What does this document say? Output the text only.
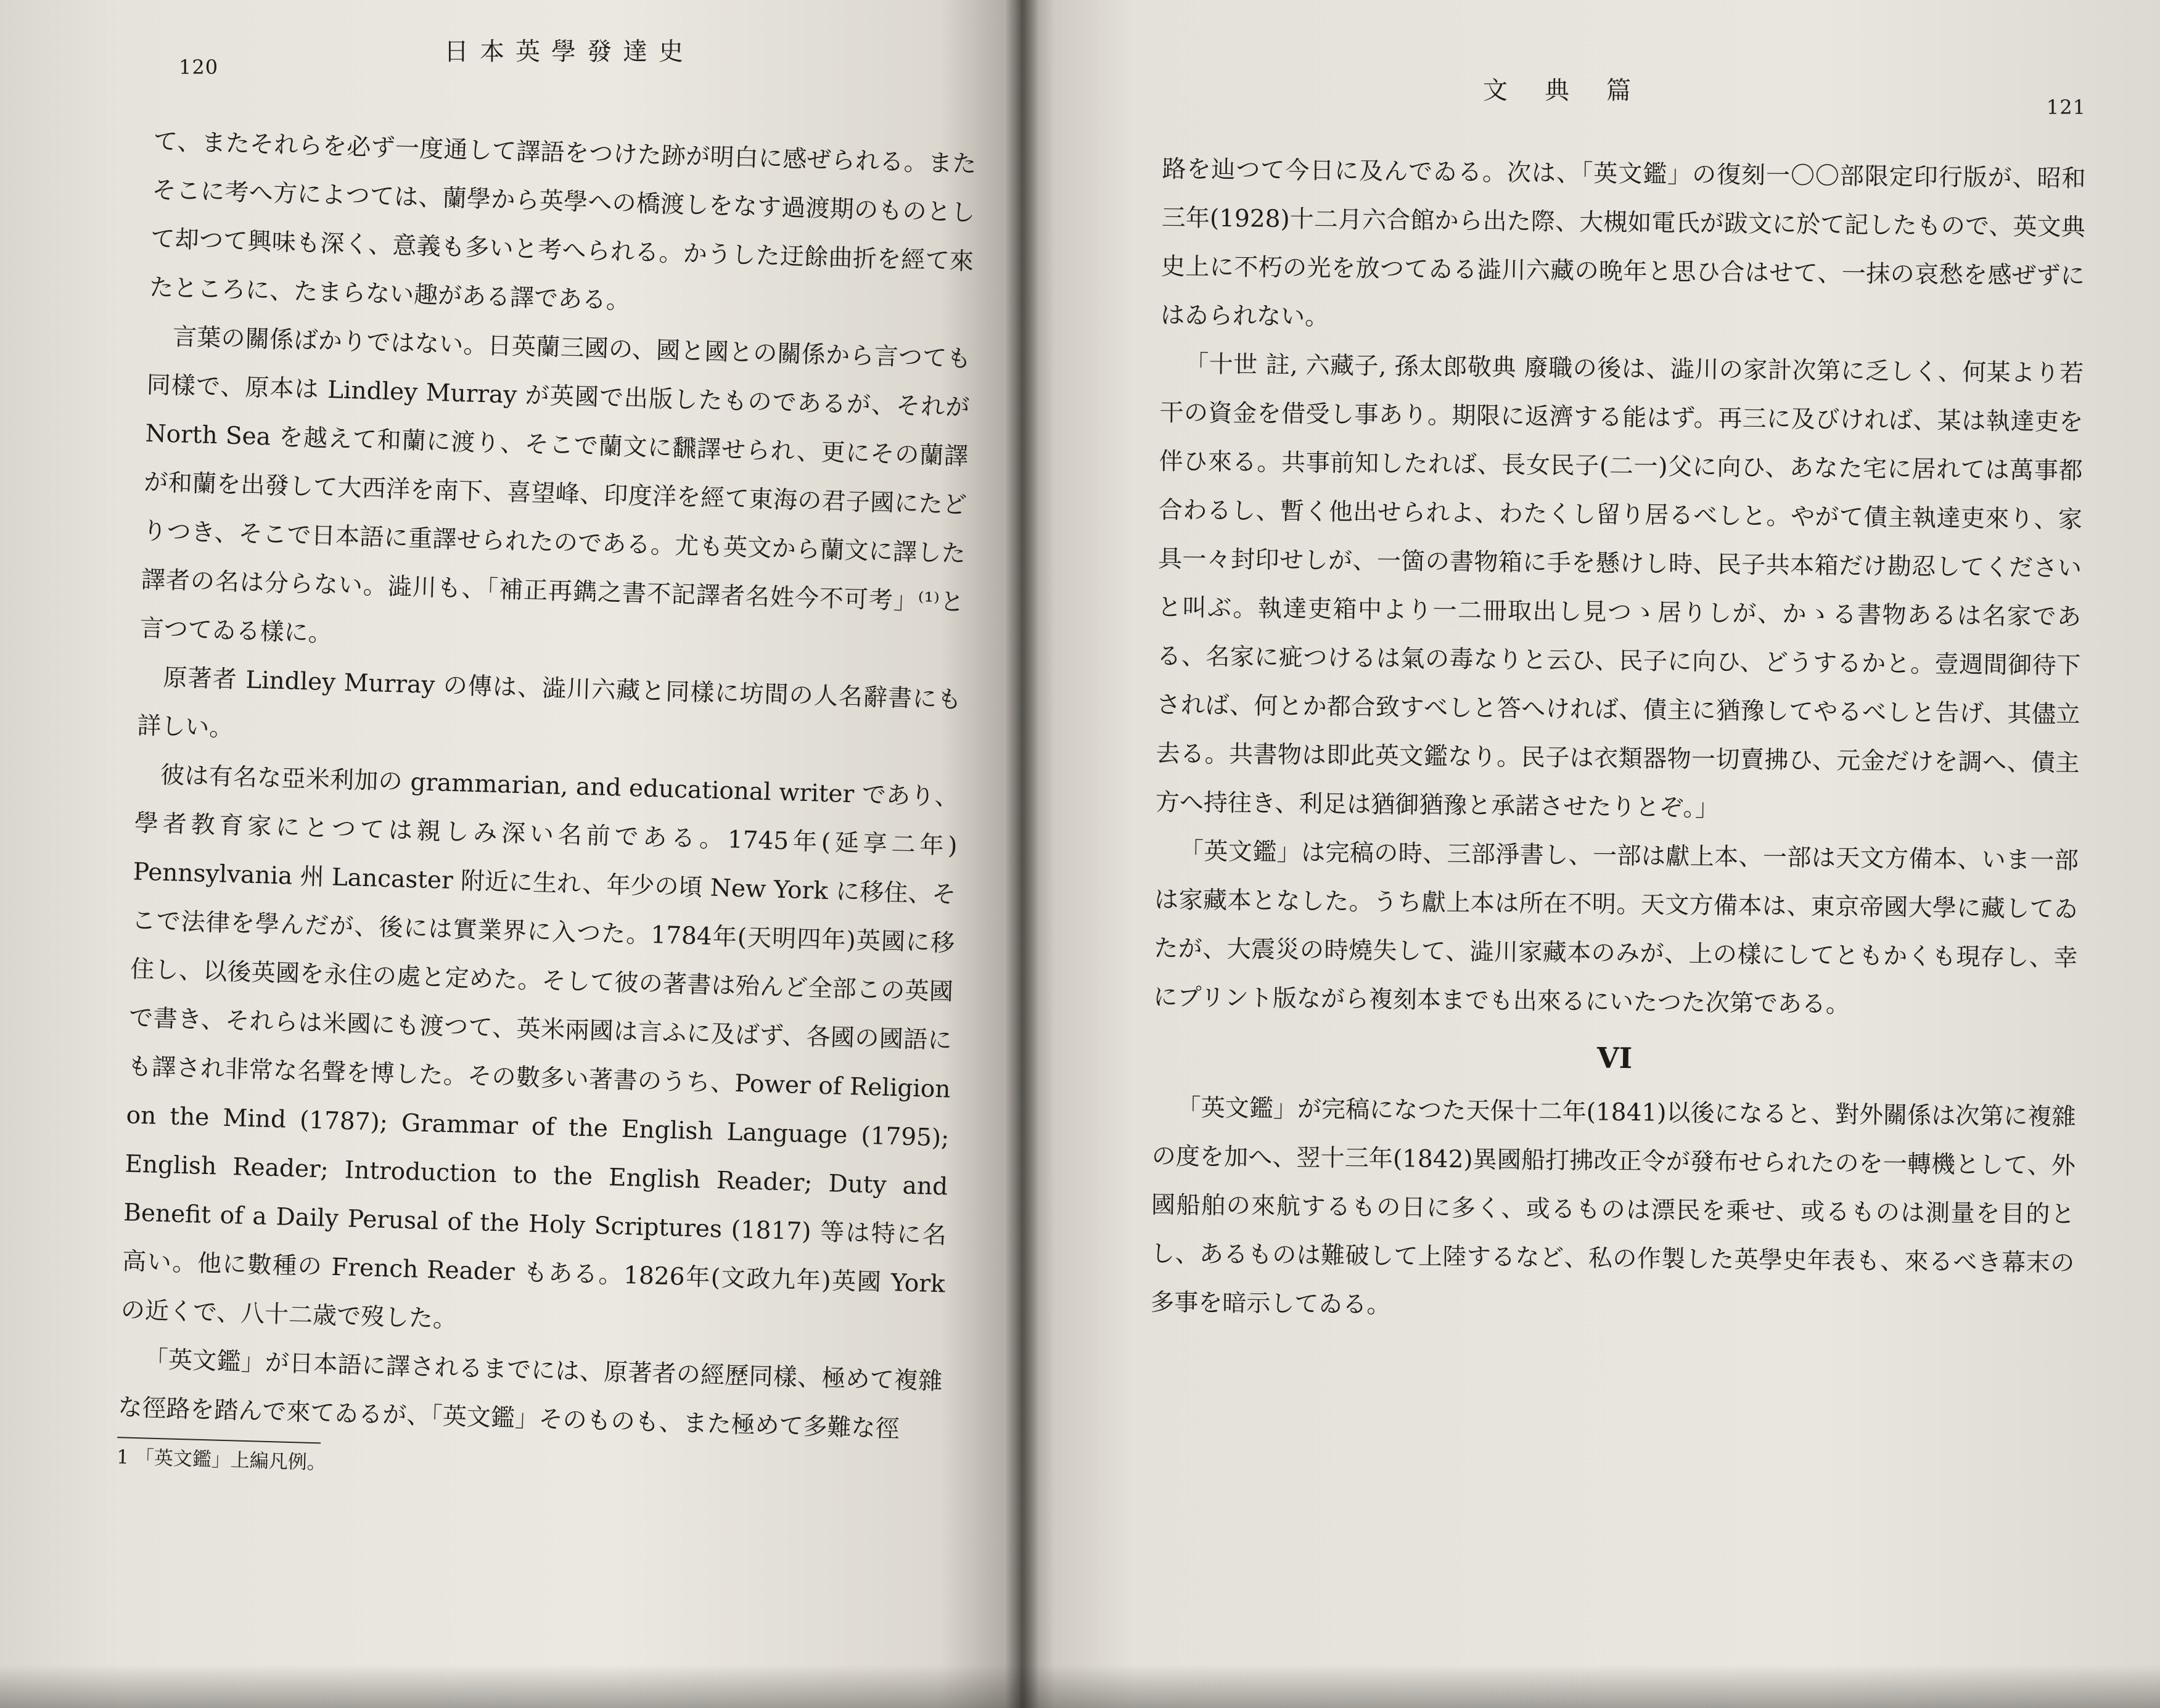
120
日本英學發達史

て、またそれらを必ず一度通して譯語をつけた跡が明白に感ぜられる。またそこに考へ方によつては、蘭學から英學への橋渡しをなす過渡期のものとして却つて興味も深く、意義も多いと考へられる。かうした迂餘曲折を經て來たところに、たまらない趣がある譯である。

言葉の關係ばかりではない。日英蘭三國の、國と國との關係から言つても同樣で、原本は Lindley Murray が英國で出版したものであるが、それが North Sea を越えて和蘭に渡り、そこで蘭文に飜譯せられ、更にその蘭譯が和蘭を出發して大西洋を南下、喜望峰、印度洋を經て東海の君子國にたどりつき、そこで日本語に重譯せられたのである。尤も英文から蘭文に譯した譯者の名は分らない。澁川も、「補正再鐫之書不記譯者名姓今不可考」⁽¹⁾と言つてゐる樣に。

原著者 Lindley Murray の傳は、澁川六藏と同樣に坊間の人名辭書にも詳しい。

彼は有名な亞米利加の grammarian, and educational writer であり、學者教育家にとつては親しみ深い名前である。1745年(延享二年) Pennsylvania 州 Lancaster 附近に生れ、年少の頃 New York に移住、そこで法律を學んだが、後には實業界に入つた。1784年(天明四年)英國に移住し、以後英國を永住の處と定めた。そして彼の著書は殆んど全部この英國で書き、それらは米國にも渡つて、英米兩國は言ふに及ばず、各國の國語にも譯され非常な名聲を博した。その數多い著書のうち、Power of Religion on the Mind (1787); Grammar of the English Language (1795); English Reader; Introduction to the English Reader; Duty and Benefit of a Daily Perusal of the Holy Scriptures (1817) 等は特に名高い。他に數種の French Reader もある。1826年(文政九年)英國 York の近くで、八十二歳で歿した。

「英文鑑」が日本語に譯されるまでには、原著者の經歷同樣、極めて複雜な徑路を踏んで來てゐるが、「英文鑑」そのものも、また極めて多難な徑

1 「英文鑑」上編凡例。
文典篇
121

路を辿つて今日に及んでゐる。次は、「英文鑑」の復刻一〇〇部限定印行版が、昭和三年(1928)十二月六合館から出た際、大槻如電氏が跋文に於て記したもので、英文典史上に不朽の光を放つてゐる澁川六藏の晩年と思ひ合はせて、一抹の哀愁を感ぜずにはゐられない。

「十世 註, 六藏子, 孫太郎敬典 廢職の後は、澁川の家計次第に乏しく、何某より若干の資金を借受し事あり。期限に返濟する能はず。再三に及びければ、某は執達吏を伴ひ來る。共事前知したれば、長女民子(二一)父に向ひ、あなた宅に居れては萬事都合わるし、暫く他出せられよ、わたくし留り居るべしと。やがて債主執達吏來り、家具一々封印せしが、一箇の書物箱に手を懸けし時、民子共本箱だけ勘忍してくださいと叫ぶ。執達吏箱中より一二冊取出し見つゝ居りしが、かゝる書物あるは名家である、名家に疵つけるは氣の毒なりと云ひ、民子に向ひ、どうするかと。壹週間御待下されば、何とか都合致すべしと答へければ、債主に猶豫してやるべしと告げ、其儘立去る。共書物は即此英文鑑なり。民子は衣類器物一切賣拂ひ、元金だけを調へ、債主方へ持往き、利足は猶御猶豫と承諾させたりとぞ。」

「英文鑑」は完稿の時、三部淨書し、一部は獻上本、一部は天文方備本、いま一部は家藏本となした。うち獻上本は所在不明。天文方備本は、東京帝國大學に藏してゐたが、大震災の時燒失して、澁川家藏本のみが、上の樣にしてともかくも現存し、幸にプリント版ながら複刻本までも出來るにいたつた次第である。

VI

「英文鑑」が完稿になつた天保十二年(1841)以後になると、對外關係は次第に複雜の度を加へ、翌十三年(1842)異國船打拂改正令が發布せられたのを一轉機として、外國船舶の來航するもの日に多く、或るものは漂民を乘せ、或るものは測量を目的とし、あるものは難破して上陸するなど、私の作製した英學史年表も、來るべき幕末の多事を暗示してゐる。
